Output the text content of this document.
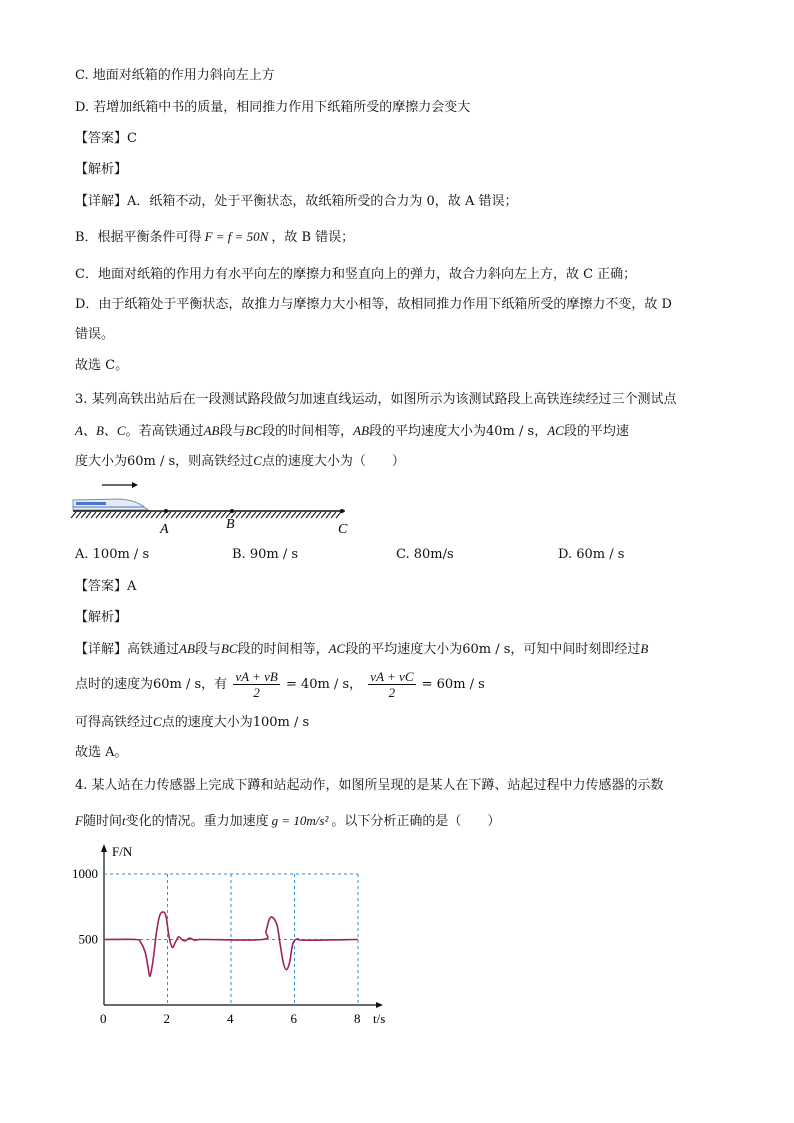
C. 地面对纸箱的作用力斜向左上方
D. 若增加纸箱中书的质量，相同推力作用下纸箱所受的摩擦力会变大
【答案】C
【解析】
【详解】A．纸箱不动，处于平衡状态，故纸箱所受的合力为 0，故 A 错误；
B．根据平衡条件可得 F = f = 50N ，故 B 错误；
C．地面对纸箱的作用力有水平向左的摩擦力和竖直向上的弹力，故合力斜向左上方，故 C 正确；
D．由于纸箱处于平衡状态，故推力与摩擦力大小相等，故相同推力作用下纸箱所受的摩擦力不变，故 D
错误。
故选 C。
3. 某列高铁出站后在一段测试路段做匀加速直线运动，如图所示为该测试路段上高铁连续经过三个测试点
A、B、C。若高铁通过AB段与BC段的时间相等，AB段的平均速度大小为40m / s，AC段的平均速
度大小为60m / s，则高铁经过C点的速度大小为（　　）
A	B	C
A. 100m / s	B. 90m / s	C. 80m/s	D. 60m / s
【答案】A
【解析】
【详解】高铁通过AB段与BC段的时间相等，AC段的平均速度大小为60m / s，可知中间时刻即经过B
点时的速度为60m / s，有 $\frac{vA + vB}{2} = 40m / s$， $\frac{vA + vC}{2} = 60m / s$
可得高铁经过C点的速度大小为100m / s
故选 A。
4. 某人站在力传感器上完成下蹲和站起动作，如图所呈现的是某人在下蹲、站起过程中力传感器的示数
F随时间t变化的情况。重力加速度 g = 10m/s² 。以下分析正确的是（　　）
0	2	4	6	8
500
1000
F/N
t/s
